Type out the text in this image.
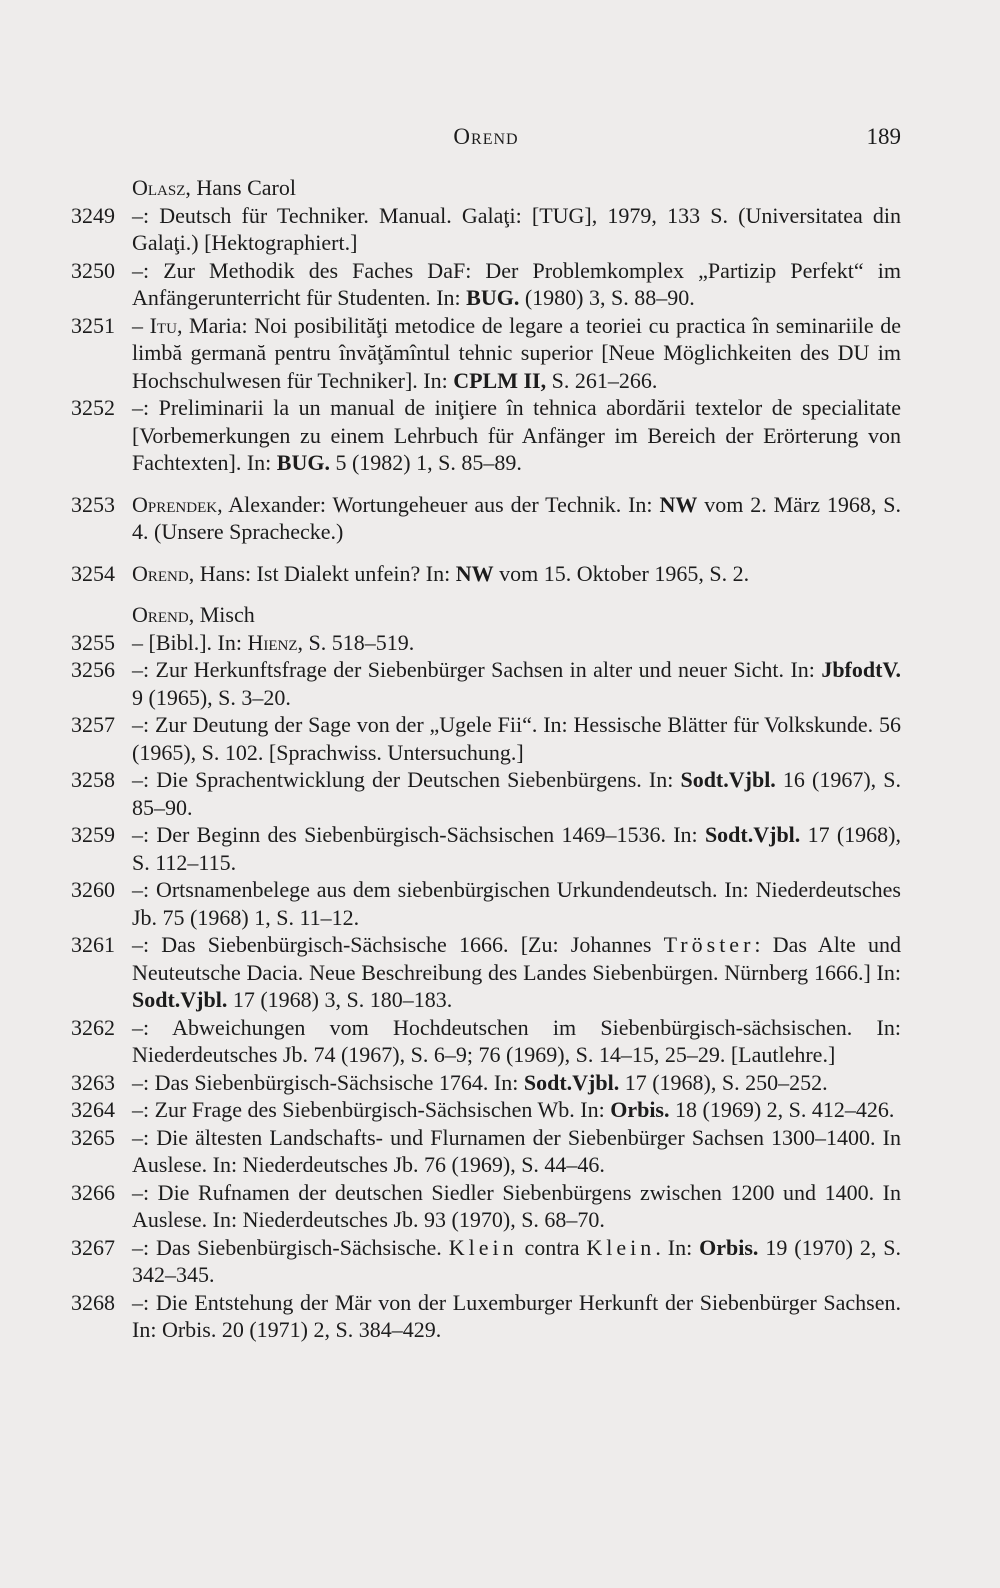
Orend	189
Olasz, Hans Carol
3249 –: Deutsch für Techniker. Manual. Galaţi: [TUG], 1979, 133 S. (Universitatea din Galaţi.) [Hektographiert.]
3250 –: Zur Methodik des Faches DaF: Der Problemkomplex „Partizip Perfekt“ im Anfängerunterricht für Studenten. In: BUG. (1980) 3, S. 88–90.
3251 – Itu, Maria: Noi posibilităţi metodice de legare a teoriei cu practica în seminariile de limbă germană pentru învăţămîntul tehnic superior [Neue Möglichkeiten des DU im Hochschulwesen für Techniker]. In: CPLM II, S. 261–266.
3252 –: Preliminarii la un manual de iniţiere în tehnica abordării textelor de specialitate [Vorbemerkungen zu einem Lehrbuch für Anfänger im Bereich der Erörterung von Fachtexten]. In: BUG. 5 (1982) 1, S. 85–89.
3253 Oprendek, Alexander: Wortungeheuer aus der Technik. In: NW vom 2. März 1968, S. 4. (Unsere Sprachecke.)
3254 Orend, Hans: Ist Dialekt unfein? In: NW vom 15. Oktober 1965, S. 2.
Orend, Misch
3255 – [Bibl.]. In: Hienz, S. 518–519.
3256 –: Zur Herkunftsfrage der Siebenbürger Sachsen in alter und neuer Sicht. In: JbfodtV. 9 (1965), S. 3–20.
3257 –: Zur Deutung der Sage von der „Ugele Fii“. In: Hessische Blätter für Volkskunde. 56 (1965), S. 102. [Sprachwiss. Untersuchung.]
3258 –: Die Sprachentwicklung der Deutschen Siebenbürgens. In: Sodt.Vjbl. 16 (1967), S. 85–90.
3259 –: Der Beginn des Siebenbürgisch-Sächsischen 1469–1536. In: Sodt.Vjbl. 17 (1968), S. 112–115.
3260 –: Ortsnamenbelege aus dem siebenbürgischen Urkundendeutsch. In: Niederdeutsches Jb. 75 (1968) 1, S. 11–12.
3261 –: Das Siebenbürgisch-Sächsische 1666. [Zu: Johannes Tröster: Das Alte und Neuteutsche Dacia. Neue Beschreibung des Landes Siebenbürgen. Nürnberg 1666.] In: Sodt.Vjbl. 17 (1968) 3, S. 180–183.
3262 –: Abweichungen vom Hochdeutschen im Siebenbürgisch-sächsischen. In: Niederdeutsches Jb. 74 (1967), S. 6–9; 76 (1969), S. 14–15, 25–29. [Lautlehre.]
3263 –: Das Siebenbürgisch-Sächsische 1764. In: Sodt.Vjbl. 17 (1968), S. 250–252.
3264 –: Zur Frage des Siebenbürgisch-Sächsischen Wb. In: Orbis. 18 (1969) 2, S. 412–426.
3265 –: Die ältesten Landschafts- und Flurnamen der Siebenbürger Sachsen 1300–1400. In Auslese. In: Niederdeutsches Jb. 76 (1969), S. 44–46.
3266 –: Die Rufnamen der deutschen Siedler Siebenbürgens zwischen 1200 und 1400. In Auslese. In: Niederdeutsches Jb. 93 (1970), S. 68–70.
3267 –: Das Siebenbürgisch-Sächsische. Klein contra Klein. In: Orbis. 19 (1970) 2, S. 342–345.
3268 –: Die Entstehung der Mär von der Luxemburger Herkunft der Siebenbürger Sachsen. In: Orbis. 20 (1971) 2, S. 384–429.
